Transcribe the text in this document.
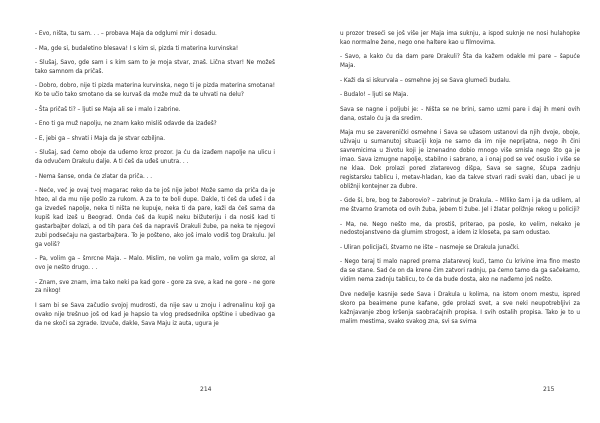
- Evo, ništa, tu sam. . . – probava Maja da odglumi mir i dosadu.

- Ma, gde si, budaletino blesava! I s kim si, pizda ti materina kurvinska!

- Slušaj, Savo, gde sam i s kim sam to je moja stvar, znaš. Lična stvar! Ne možeš tako samnom da pričaš.

- Dobro, dobro, nije ti pizda materina kurvinska, nego ti je pizda materina smotana! Ko te učio tako smotano da se kurvaš da može muž da te uhvati na delu?

- Šta pričaš ti? – ljuti se Maja ali se i malo i zabrine.

- Eno ti ga muž napolju, ne znam kako misliš odavde da izađeš?

- E, jebi ga – shvati i Maja da je stvar ozbiljna.

- Slušaj, sad ćemo oboje da uđemo kroz prozor. Ja ću da izađem napolje na ulicu i da odvučem Drakulu dalje. A ti ćeš da uđeš unutra. . .

- Nema šanse, onda će zlatar da priča. . .

- Neće, već je ovaj tvoj magarac reko da te još nije jebo! Može samo da priča da je hteo, al da mu nije pošlo za rukom. A za to te boli dupe. Dakle, ti ćeš da uđeš i da ga izvedeš napolje, neka ti ništa ne kupuje, neka ti da pare, kaži da ćeš sama da kupiš kad izeš u Beograd. Onda ćeš da kupiš neku biižuteriju i da nosiš kad ti gastarbajter dolazi, a od tih para ćeš da napraviš Drakuli žube, pa neka te njegovi zubi podsećaju na gastarbajtera. To je pošteno, ako još imalo vodiš tog Drakulu. Jel ga voliš?

- Pa, volim ga – šmrcne Maja. – Malo. Mislim, ne volim ga malo, volim ga skroz, al ovo je nešto drugo. . .

- Znam, sve znam, ima tako neki pa kad gore - gore za sve, a kad ne gore - ne gore za nikog!

I sam bi se Sava začudio svojoj mudrosti, da nije sav u znoju i adrenalinu koji ga ovako nije trešnuo još od kad je hapsio ta vlog predsednika opštine i ubedivao ga da ne skoči sa zgrade. Izvuče, dakle, Sava Maju iz auta, ugura je

214

u prozor treseći se još više jer Maja ima suknju, a ispod suknje ne nosi hulahopke kao normalne žene, nego one haltere kao u filmovima.

- Savo, a kako ću da dam pare Drakuli? Šta da kažem odakle mi pare – šapuće Maja.

- Kaži da si iskurvala – osmehne joj se Sava glumeći budalu.

- Budalo! – ljuti se Maja.

Sava se nagne i poljubi je: - Ništa se ne brini, samo uzmi pare i daj ih meni ovih dana, ostalo ću ja da sredim.

Maja mu se zaverenički osmehne i Sava se užasom ustanovi da njih dvoje, oboje, uživaju u sumanutoj situaciji koja ne samo da im nije neprijatna, nego ih čini savremicima u životu koji je iznenadno dobio mnogo više smisla nego što ga je imao. Sava izmugne napolje, stabilno i sabrano, a i onaj pod se već osušio i više se ne klaa. Dok prolazi pored zlatarevog dišpa, Sava se sagne, ščupa zadnju registarsku tablicu i, metav-hladan, kao da takve stvari radi svaki dan, ubaci je u obližnji kontejner za đubre.

- Gde ši, bre, bog te žaborovio? – zabrinut je Drakula. – Mlliko šam i ja da udilem, al me štvarno šramota od ovih žuba, jebem ti žube. Jel i žlatar poližnje rekog u policiji?

- Ma, ne. Nego nešto me, da prostiš, priterao, pa posle, ko velim, nekako je nedostojanstveno da glumim strogost, a idem iz kloseta, pa sam odustao.

- Uliran policijači, štvarno ne ište – nasmeje se Drakula junački.

- Nego teraj ti malo napred prema zlatarevoj kući, tamo ću krivine ima fino mesto da se stane. Sad će on da krene čim zatvori radnju, pa ćemo tamo da ga sačekamo, vidim nema zadnju tablicu, to će da bude dosta, ako ne nađemo još nešto.

Dve nedelje kasnije sede Sava i Drakula u kolima, na istom onom mestu, ispred skoro pa beaimene pune kafane, gde prolazi svet, a sve neki neupotrebljivi za kažnjavanje zbog kršenja saobraćajnih propisa. I svih ostalih propisa. Tako je to u malim mestima, svako svakog zna, svi sa svima

215
